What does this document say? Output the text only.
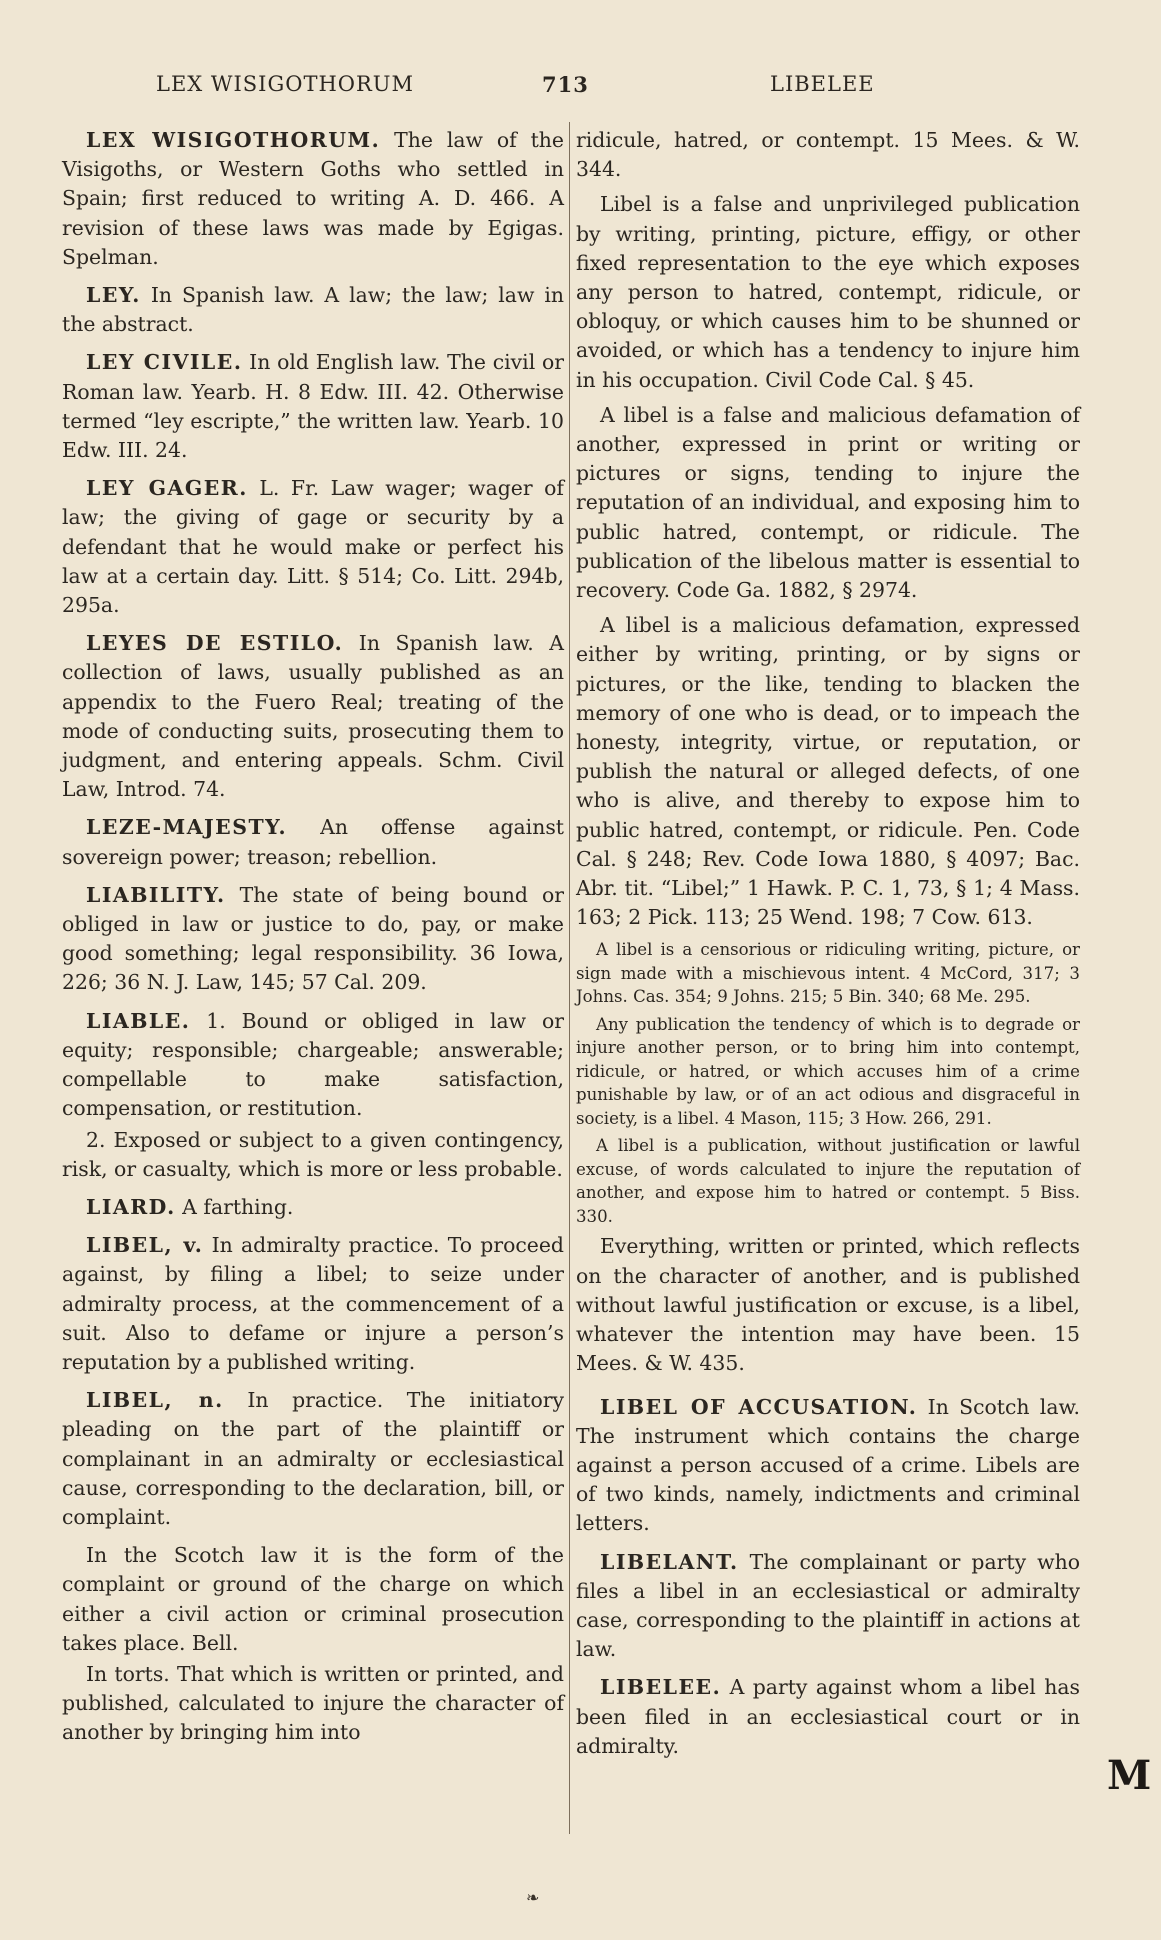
LEX WISIGOTHORUM	713	LIBELEE

LEX WISIGOTHORUM. The law of the Visigoths, or Western Goths who settled in Spain; first reduced to writing A. D. 466. A revision of these laws was made by Egigas. Spelman.

LEY. In Spanish law. A law; the law; law in the abstract.

LEY CIVILE. In old English law. The civil or Roman law. Yearb. H. 8 Edw. III. 42. Otherwise termed “ley escripte,” the written law. Yearb. 10 Edw. III. 24.

LEY GAGER. L. Fr. Law wager; wager of law; the giving of gage or security by a defendant that he would make or perfect his law at a certain day. Litt. § 514; Co. Litt. 294b, 295a.

LEYES DE ESTILO. In Spanish law. A collection of laws, usually published as an appendix to the Fuero Real; treating of the mode of conducting suits, prosecuting them to judgment, and entering appeals. Schm. Civil Law, Introd. 74.

LEZE-MAJESTY. An offense against sovereign power; treason; rebellion.

LIABILITY. The state of being bound or obliged in law or justice to do, pay, or make good something; legal responsibility. 36 Iowa, 226; 36 N. J. Law, 145; 57 Cal. 209.

LIABLE. 1. Bound or obliged in law or equity; responsible; chargeable; answerable; compellable to make satisfaction, compensation, or restitution.

2. Exposed or subject to a given contingency, risk, or casualty, which is more or less probable.

LIARD. A farthing.

LIBEL, v. In admiralty practice. To proceed against, by filing a libel; to seize under admiralty process, at the commencement of a suit. Also to defame or injure a person’s reputation by a published writing.

LIBEL, n. In practice. The initiatory pleading on the part of the plaintiff or complainant in an admiralty or ecclesiastical cause, corresponding to the declaration, bill, or complaint.

In the Scotch law it is the form of the complaint or ground of the charge on which either a civil action or criminal prosecution takes place. Bell.

In torts. That which is written or printed, and published, calculated to injure the character of another by bringing him into

ridicule, hatred, or contempt. 15 Mees. & W. 344.

Libel is a false and unprivileged publication by writing, printing, picture, effigy, or other fixed representation to the eye which exposes any person to hatred, contempt, ridicule, or obloquy, or which causes him to be shunned or avoided, or which has a tendency to injure him in his occupation. Civil Code Cal. § 45.

A libel is a false and malicious defamation of another, expressed in print or writing or pictures or signs, tending to injure the reputation of an individual, and exposing him to public hatred, contempt, or ridicule. The publication of the libelous matter is essential to recovery. Code Ga. 1882, § 2974.

A libel is a malicious defamation, expressed either by writing, printing, or by signs or pictures, or the like, tending to blacken the memory of one who is dead, or to impeach the honesty, integrity, virtue, or reputation, or publish the natural or alleged defects, of one who is alive, and thereby to expose him to public hatred, contempt, or ridicule. Pen. Code Cal. § 248; Rev. Code Iowa 1880, § 4097; Bac. Abr. tit. “Libel;” 1 Hawk. P. C. 1, 73, § 1; 4 Mass. 163; 2 Pick. 113; 25 Wend. 198; 7 Cow. 613.

A libel is a censorious or ridiculing writing, picture, or sign made with a mischievous intent. 4 McCord, 317; 3 Johns. Cas. 354; 9 Johns. 215; 5 Bin. 340; 68 Me. 295.

Any publication the tendency of which is to degrade or injure another person, or to bring him into contempt, ridicule, or hatred, or which accuses him of a crime punishable by law, or of an act odious and disgraceful in society, is a libel. 4 Mason, 115; 3 How. 266, 291.

A libel is a publication, without justification or lawful excuse, of words calculated to injure the reputation of another, and expose him to hatred or contempt. 5 Biss. 330.

Everything, written or printed, which reflects on the character of another, and is published without lawful justification or excuse, is a libel, whatever the intention may have been. 15 Mees. & W. 435.

LIBEL OF ACCUSATION. In Scotch law. The instrument which contains the charge against a person accused of a crime. Libels are of two kinds, namely, indictments and criminal letters.

LIBELANT. The complainant or party who files a libel in an ecclesiastical or admiralty case, corresponding to the plaintiff in actions at law.

LIBELEE. A party against whom a libel has been filed in an ecclesiastical court or in admiralty.

M
❧
